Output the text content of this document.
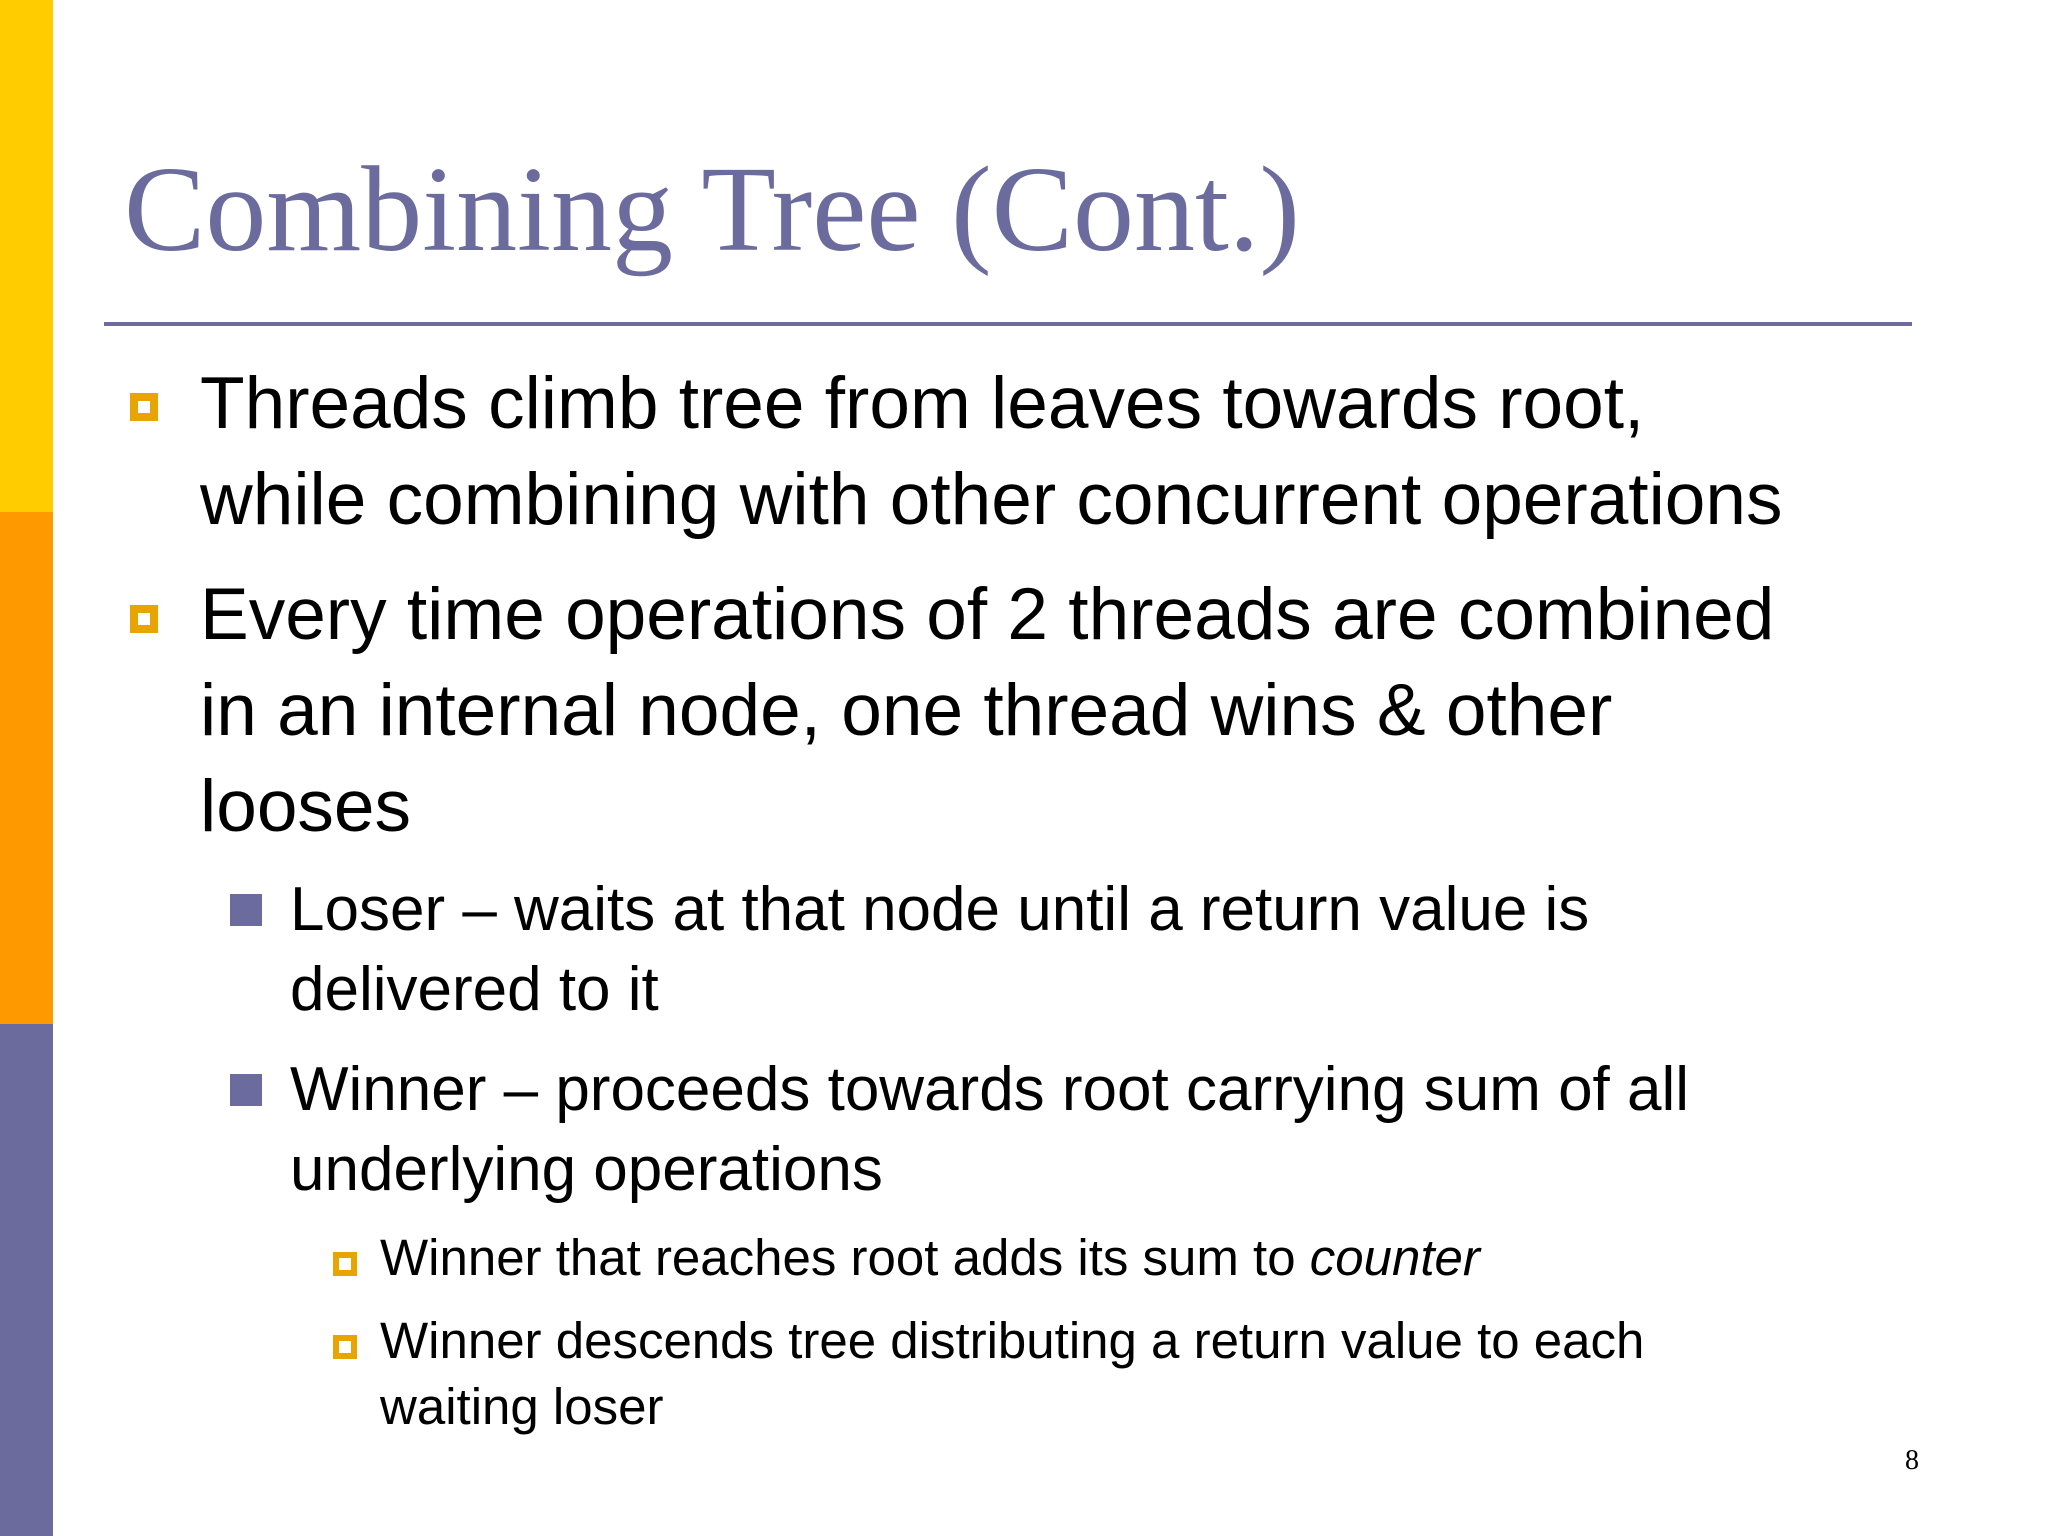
Combining Tree (Cont.)
Threads climb tree from leaves towards root,
while combining with other concurrent operations
Every time operations of 2 threads are combined
in an internal node, one thread wins & other
looses
Loser – waits at that node until a return value is
delivered to it
Winner – proceeds towards root carrying sum of all
underlying operations
Winner that reaches root adds its sum to counter
Winner descends tree distributing a return value to each
waiting loser
8
